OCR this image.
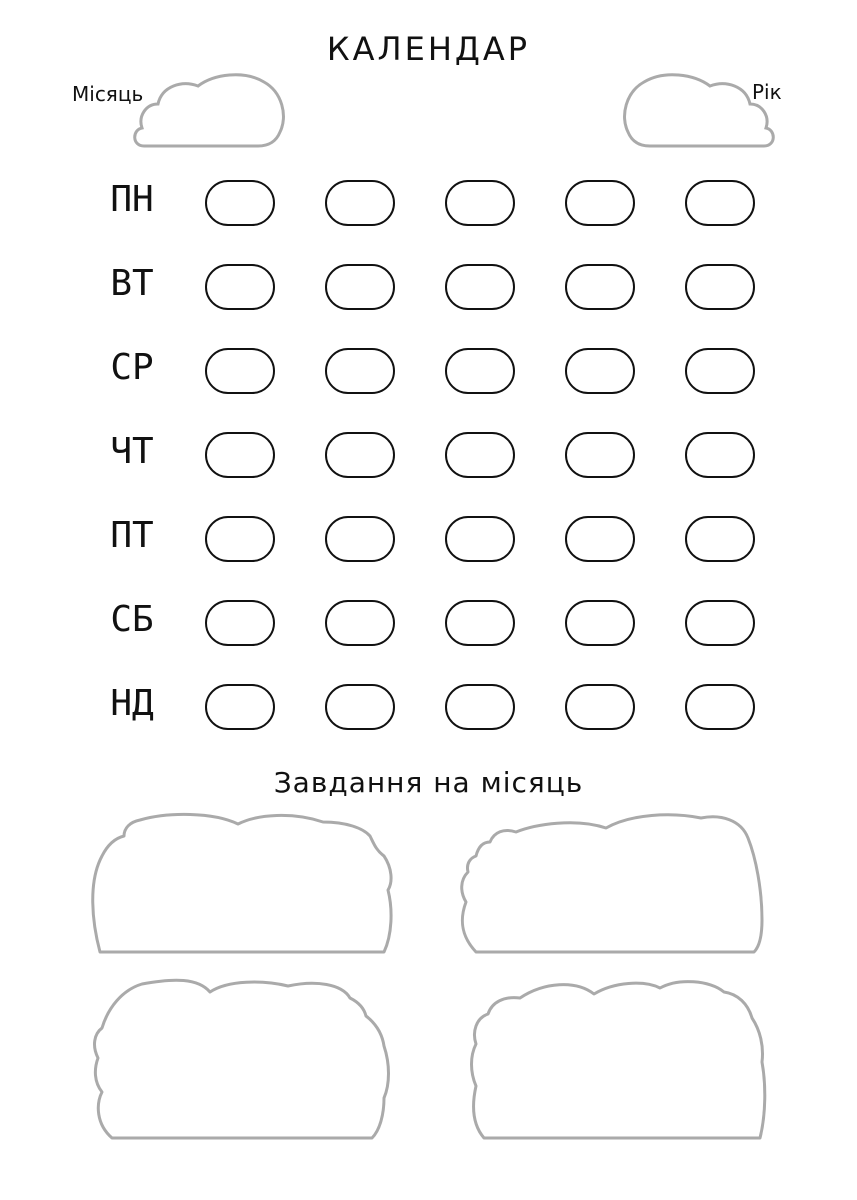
КАЛЕНДАР
Місяць	Рік
ПН
ВТ
СР
ЧТ
ПТ
СБ
НД
Завдання на місяць
